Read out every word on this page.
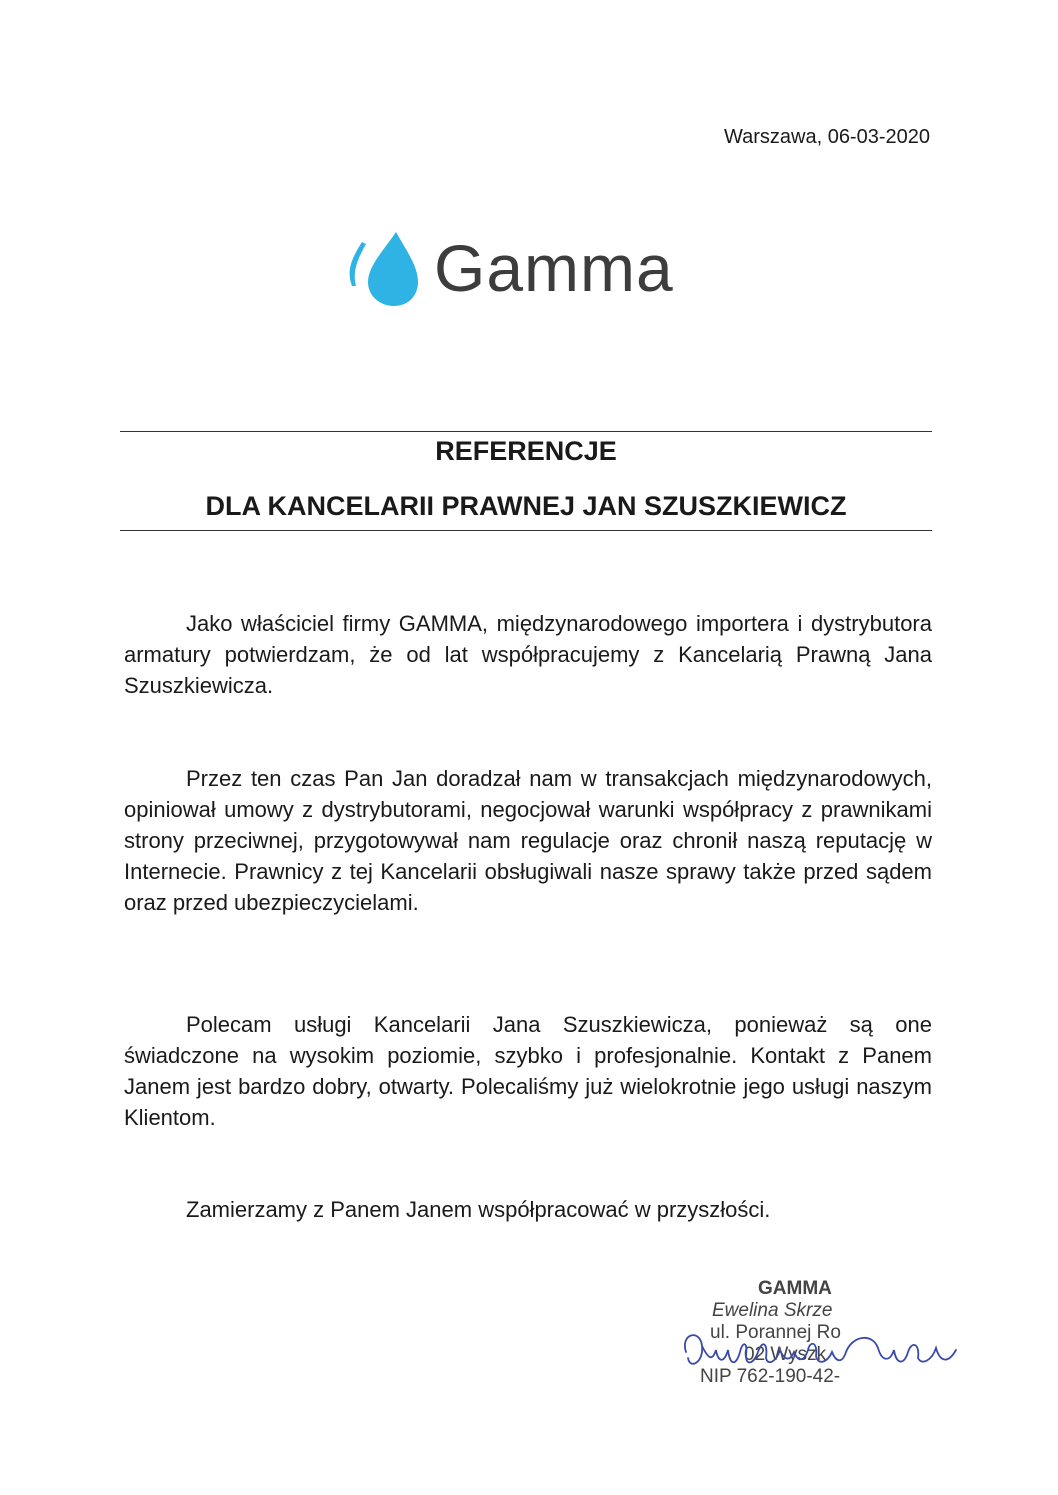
Warszawa, 06-03-2020
Gamma
REFERENCJE
DLA KANCELARII PRAWNEJ JAN SZUSZKIEWICZ

Jako właściciel firmy GAMMA, międzynarodowego importera i dystrybutora armatury potwierdzam, że od lat współpracujemy z Kancelarią Prawną Jana Szuszkiewicza.

Przez ten czas Pan Jan doradzał nam w transakcjach międzynarodowych, opiniował umowy z dystrybutorami, negocjował warunki współpracy z prawnikami strony przeciwnej, przygotowywał nam regulacje oraz chronił naszą reputację w Internecie. Prawnicy z tej Kancelarii obsługiwali nasze sprawy także przed sądem oraz przed ubezpieczycielami.

Polecam usługi Kancelarii Jana Szuszkiewicza, ponieważ są one świadczone na wysokim poziomie, szybko i profesjonalnie. Kontakt z Panem Janem jest bardzo dobry, otwarty. Polecaliśmy już wielokrotnie jego usługi naszym Klientom.

Zamierzamy z Panem Janem współpracować w przyszłości.

GAMMA
Ewelina Skrze
ul. Porannej Ro
02 Wyszk
NIP 762-190-42-
